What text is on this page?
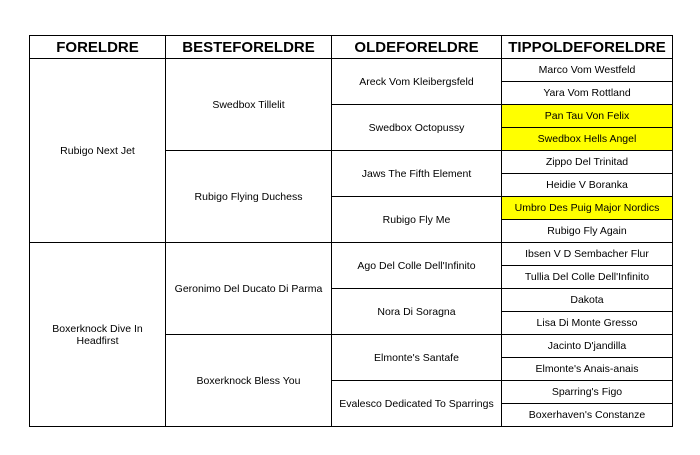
FORELDRE	BESTEFORELDRE	OLDEFORELDRE	TIPPOLDEFORELDRE
Rubigo Next Jet	Swedbox Tillelit	Areck Vom Kleibergsfeld	Marco Vom Westfeld
			Yara Vom Rottland
		Swedbox Octopussy	Pan Tau Von Felix
			Swedbox Hells Angel
	Rubigo Flying Duchess	Jaws The Fifth Element	Zippo Del Trinitad
			Heidie V Boranka
		Rubigo Fly Me	Umbro Des Puig Major Nordics
			Rubigo Fly Again
Boxerknock Dive In Headfirst	Geronimo Del Ducato Di Parma	Ago Del Colle Dell'Infinito	Ibsen V D Sembacher Flur
			Tullia Del Colle Dell'Infinito
		Nora Di Soragna	Dakota
			Lisa Di Monte Gresso
	Boxerknock Bless You	Elmonte's Santafe	Jacinto D'jandilla
			Elmonte's Anais-anais
		Evalesco Dedicated To Sparrings	Sparring's Figo
			Boxerhaven's Constanze
